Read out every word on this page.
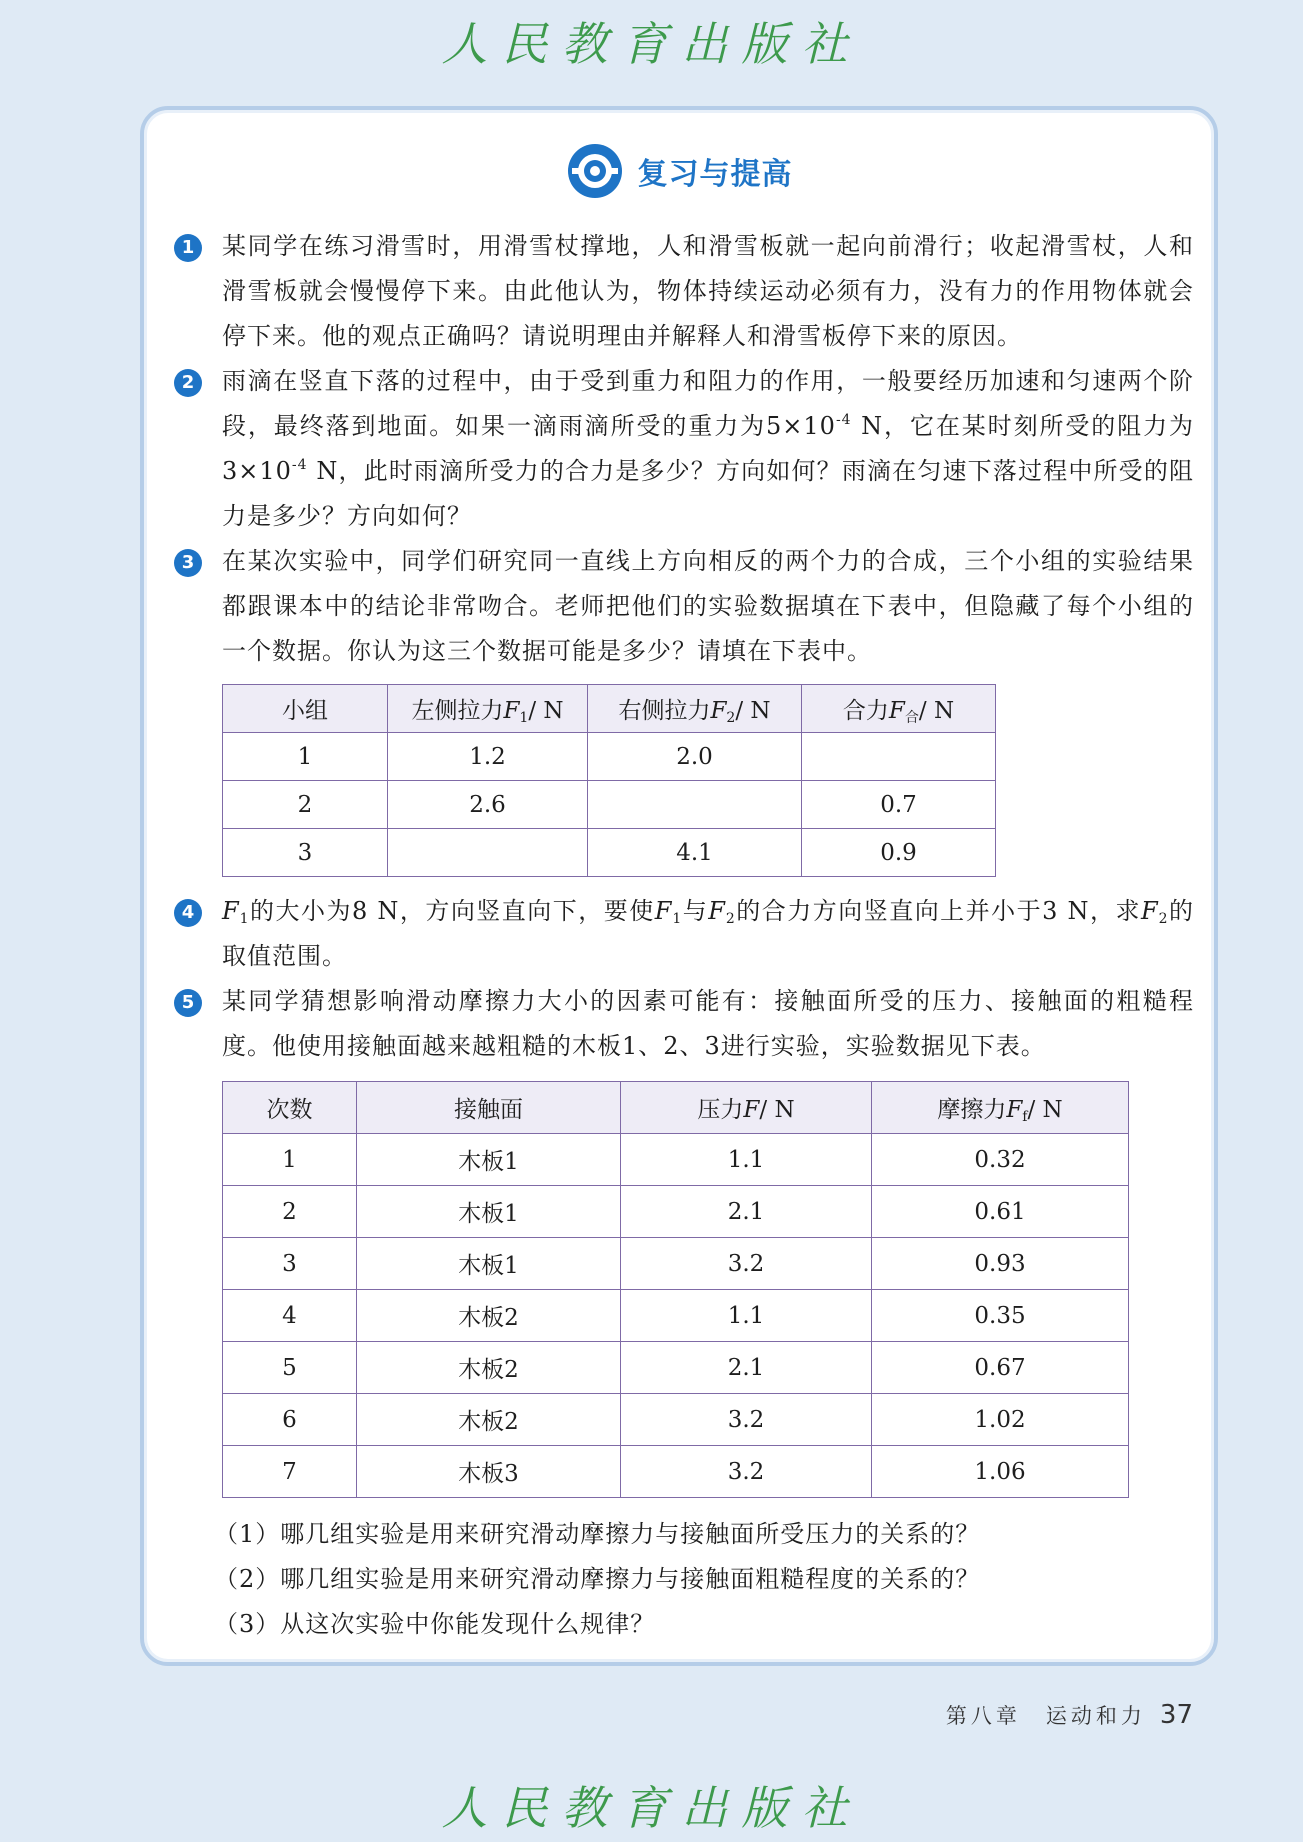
人民教育出版社
复习与提高
1	某同学在练习滑雪时，用滑雪杖撑地，人和滑雪板就一起向前滑行；收起滑雪杖，人和滑雪板就会慢慢停下来。由此他认为，物体持续运动必须有力，没有力的作用物体就会停下来。他的观点正确吗？请说明理由并解释人和滑雪板停下来的原因。
2	雨滴在竖直下落的过程中，由于受到重力和阻力的作用，一般要经历加速和匀速两个阶段，最终落到地面。如果一滴雨滴所受的重力为$5\times 10^{-4}$ N，它在某时刻所受的阻力为$3\times 10^{-4}$ N，此时雨滴所受力的合力是多少？方向如何？雨滴在匀速下落过程中所受的阻力是多少？方向如何？
3	在某次实验中，同学们研究同一直线上方向相反的两个力的合成，三个小组的实验结果都跟课本中的结论非常吻合。老师把他们的实验数据填在下表中，但隐藏了每个小组的一个数据。你认为这三个数据可能是多少？请填在下表中。
小组	左侧拉力$F_1/$ N	右侧拉力$F_2/$ N	合力$F_合/$ N
1	1.2	2.0	
2	2.6		0.7
3		4.1	0.9
4	$F_1$的大小为8 N，方向竖直向下，要使$F_1$与$F_2$的合力方向竖直向上并小于3 N，求$F_2$的取值范围。
5	某同学猜想影响滑动摩擦力大小的因素可能有：接触面所受的压力、接触面的粗糙程度。他使用接触面越来越粗糙的木板1、2、3进行实验，实验数据见下表。
次数	接触面	压力F/ N	摩擦力$F_f/$ N
1	木板1	1.1	0.32
2	木板1	2.1	0.61
3	木板1	3.2	0.93
4	木板2	1.1	0.35
5	木板2	2.1	0.67
6	木板2	3.2	1.02
7	木板3	3.2	1.06
（1）哪几组实验是用来研究滑动摩擦力与接触面所受压力的关系的？
（2）哪几组实验是用来研究滑动摩擦力与接触面粗糙程度的关系的？
（3）从这次实验中你能发现什么规律？
第八章　运动和力 37
人民教育出版社
